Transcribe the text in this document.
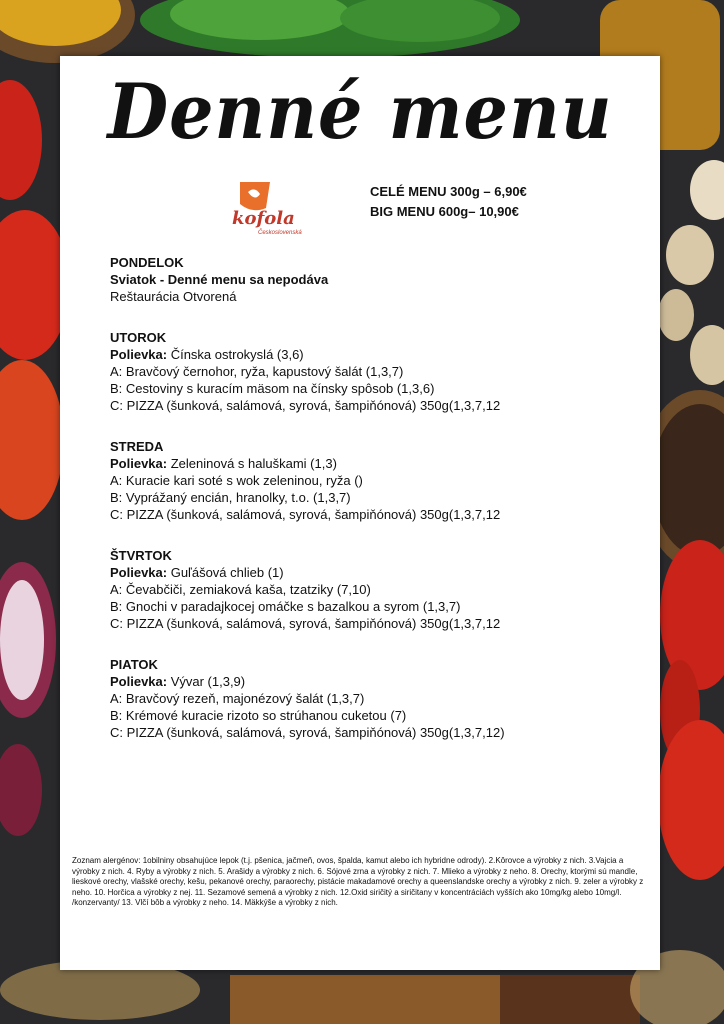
Denné menu
kofola
Československá
CELÉ MENU 300g – 6,90€
BIG MENU 600g– 10,90€
PONDELOK
Sviatok - Denné menu sa nepodáva
Reštaurácia Otvorená
UTOROK
Polievka: Čínska ostrokyslá (3,6)
A: Bravčový černohor, ryža, kapustový šalát (1,3,7)
B: Cestoviny s kuracím mäsom na čínsky spôsob (1,3,6)
C: PIZZA (šunková, salámová, syrová, šampiňónová) 350g(1,3,7,12
STREDA
Polievka: Zeleninová s haluškami (1,3)
A: Kuracie kari soté s wok zeleninou, ryža ()
B: Vyprážaný encián, hranolky, t.o. (1,3,7)
C: PIZZA (šunková, salámová, syrová, šampiňónová) 350g(1,3,7,12
ŠTVRTOK
Polievka: Guľášová chlieb (1)
A: Čevabčiči, zemiaková kaša, tzatziky (7,10)
B: Gnochi v paradajkocej omáčke s bazalkou a syrom (1,3,7)
C: PIZZA (šunková, salámová, syrová, šampiňónová) 350g(1,3,7,12
PIATOK
Polievka: Vývar (1,3,9)
A: Bravčový rezeň, majonézový šalát (1,3,7)
B: Krémové kuracie rizoto so strúhanou cuketou (7)
C: PIZZA (šunková, salámová, syrová, šampiňónová) 350g(1,3,7,12)
Zoznam alergénov: 1obilniny obsahujúce lepok (t.j. pšenica, jačmeň, ovos, špalda, kamut alebo ich hybridne odrody). 2.Kôrovce a výrobky z nich. 3.Vajcia a výrobky z nich. 4. Ryby a výrobky z nich. 5. Arašidy a výrobky z nich. 6. Sójové zrna a výrobky z nich. 7. Mlieko a výrobky z neho. 8. Orechy, ktorými sú mandle, lieskové orechy, vlašské orechy, kešu, pekanové orechy, paraorechy, pistácie makadamové orechy a queenslandske orechy a výrobky z nich. 9. zeler a výrobky z neho. 10. Horčica a výrobky z nej. 11. Sezamové semená a výrobky z nich. 12.Oxid siričitý a siričitany v koncentráciách vyšších ako 10mg/kg alebo 10mg/l. /konzervanty/ 13. Vlčí bôb a výrobky z neho. 14. Mäkkýše a výrobky z nich.
